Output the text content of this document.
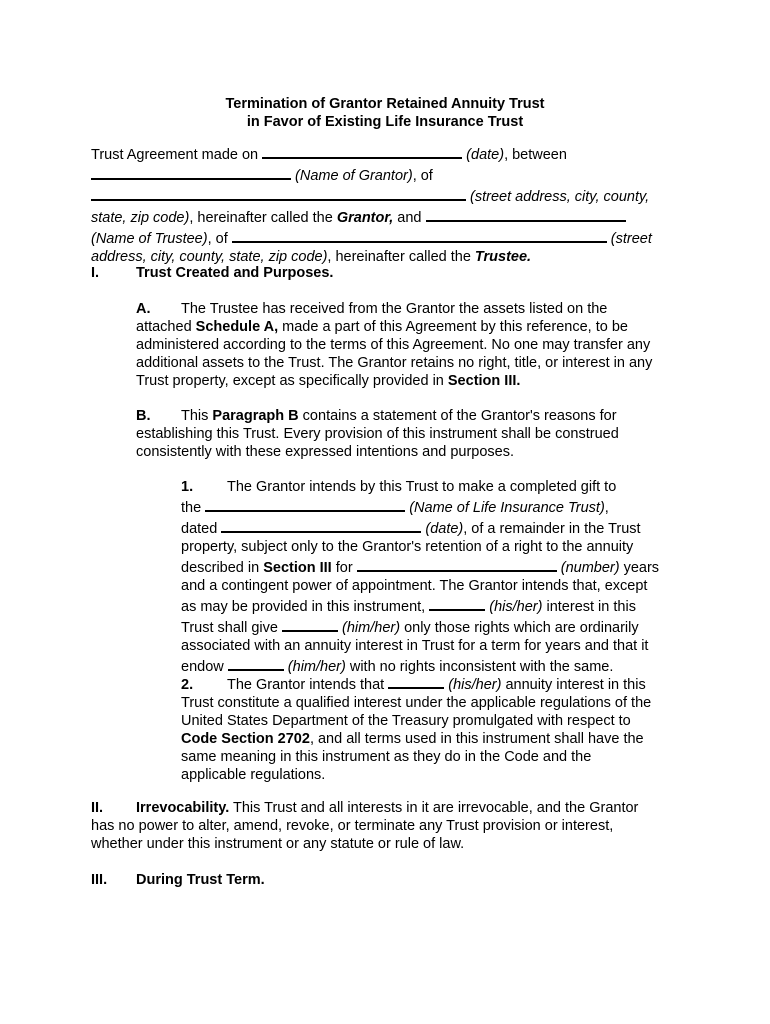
Termination of Grantor Retained Annuity Trust

in Favor of Existing Life Insurance Trust

Trust Agreement made on	(date), between

(Name of Grantor), of

(street address, city, county,

state, zip code), hereinafter called the Grantor, and

(Name of Trustee), of	(street

address, city, county, state, zip code), hereinafter called the Trustee.

I.	Trust Created and Purposes.

A. The Trustee has received from the Grantor the assets listed on the

attached Schedule A, made a part of this Agreement by this reference, to be

administered according to the terms of this Agreement. No one may transfer any

additional assets to the Trust. The Grantor retains no right, title, or interest in any

Trust property, except as specifically provided in Section III.

B. This Paragraph B contains a statement of the Grantor's reasons for

establishing this Trust. Every provision of this instrument shall be construed

consistently with these expressed intentions and purposes.

1. The Grantor intends by this Trust to make a completed gift to

the	(Name of Life Insurance Trust),

dated	(date), of a remainder in the Trust

property, subject only to the Grantor's retention of a right to the annuity

described in Section III for	(number) years

and a contingent power of appointment. The Grantor intends that, except

as may be provided in this instrument,	(his/her) interest in this

Trust shall give	(him/her) only those rights which are ordinarily

associated with an annuity interest in Trust for a term for years and that it

endow	(him/her) with no rights inconsistent with the same.

2. The Grantor intends that	(his/her) annuity interest in this

Trust constitute a qualified interest under the applicable regulations of the

United States Department of the Treasury promulgated with respect to

Code Section 2702, and all terms used in this instrument shall have the

same meaning in this instrument as they do in the Code and the

applicable regulations.

II. Irrevocability. This Trust and all interests in it are irrevocable, and the Grantor

has no power to alter, amend, revoke, or terminate any Trust provision or interest,

whether under this instrument or any statute or rule of law.

III. During Trust Term.
